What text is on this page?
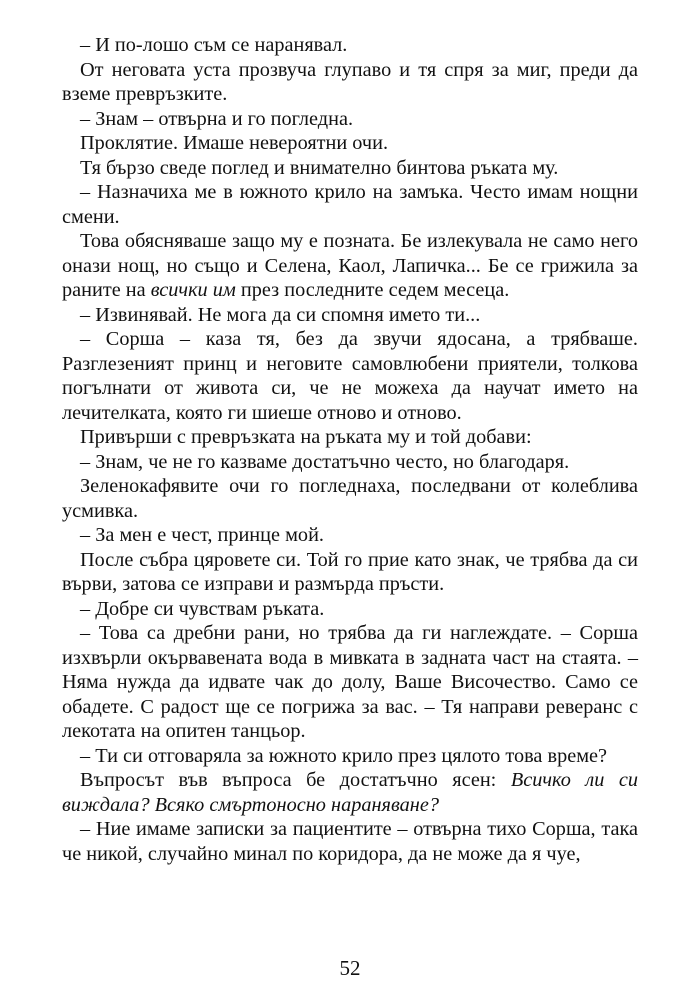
– И по-лошо съм се наранявал.

От неговата уста прозвуча глупаво и тя спря за миг, преди да вземе превръзките.

– Знам – отвърна и го погледна.

Проклятие. Имаше невероятни очи.

Тя бързо сведе поглед и внимателно бинтова ръката му.

– Назначиха ме в южното крило на замъка. Често имам нощни смени.

Това обясняваше защо му е позната. Бе излекувала не само него онази нощ, но също и Селена, Каол, Лапичка... Бе се грижила за раните на всички им през последните седем месеца.

– Извинявай. Не мога да си спомня името ти...

– Сорша – каза тя, без да звучи ядосана, а трябваше. Разглезеният принц и неговите самовлюбени приятели, толкова погълнати от живота си, че не можеха да научат името на лечителката, която ги шиеше отново и отново.

Привърши с превръзката на ръката му и той добави:

– Знам, че не го казваме достатъчно често, но благодаря.

Зеленокафявите очи го погледнаха, последвани от колеблива усмивка.

– За мен е чест, принце мой.

После събра цяровете си. Той го прие като знак, че трябва да си върви, затова се изправи и размърда пръсти.

– Добре си чувствам ръката.

– Това са дребни рани, но трябва да ги наглеждате. – Сорша изхвърли окървавената вода в мивката в задната част на стаята. – Няма нужда да идвате чак до долу, Ваше Височество. Само се обадете. С радост ще се погрижа за вас. – Тя направи реверанс с лекотата на опитен танцьор.

– Ти си отговаряла за южното крило през цялото това време?

Въпросът във въпроса бе достатъчно ясен: Всичко ли си виждала? Всяко смъртоносно нараняване?

– Ние имаме записки за пациентите – отвърна тихо Сорша, така че никой, случайно минал по коридора, да не може да я чуе,

52
